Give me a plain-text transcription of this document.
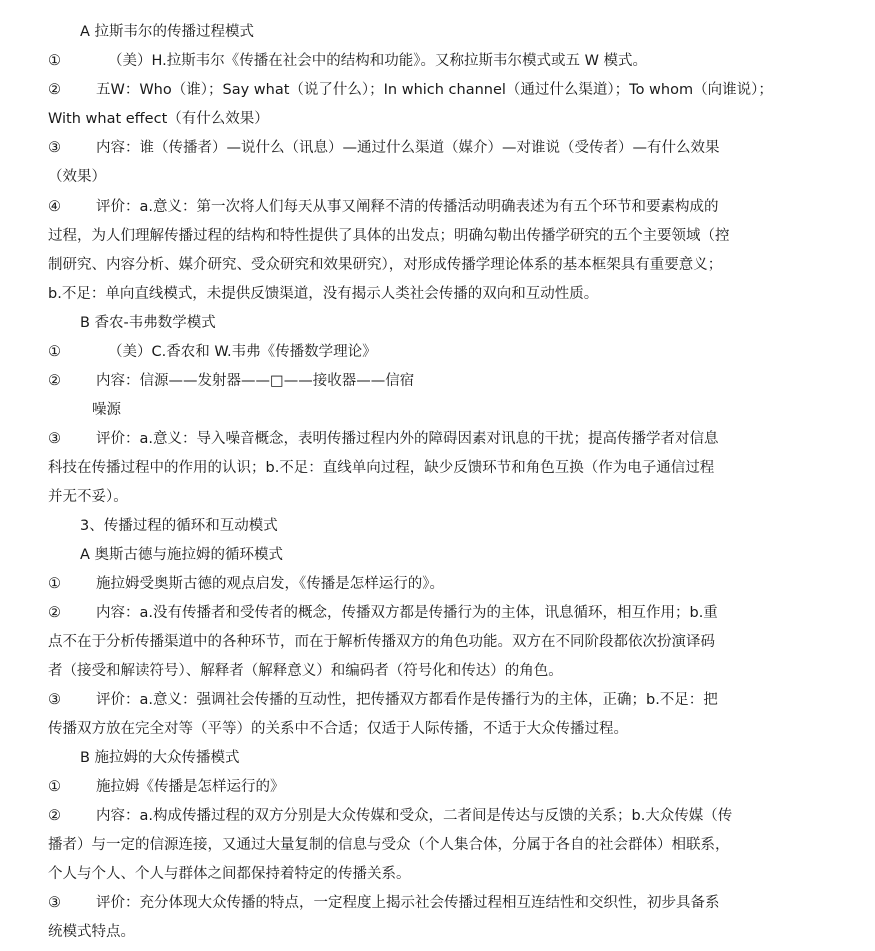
A 拉斯韦尔的传播过程模式
①	（美）H.拉斯韦尔《传播在社会中的结构和功能》。又称拉斯韦尔模式或五 W 模式。
② 五W：Who（谁）；Say what（说了什么）；In which channel（通过什么渠道）；To whom（向谁说）；
With what effect（有什么效果）
③ 内容：谁（传播者）—说什么（讯息）—通过什么渠道（媒介）—对谁说（受传者）—有什么效果
（效果）
④ 评价：a.意义：第一次将人们每天从事又阐释不清的传播活动明确表述为有五个环节和要素构成的
过程，为人们理解传播过程的结构和特性提供了具体的出发点；明确勾勒出传播学研究的五个主要领域（控
制研究、内容分析、媒介研究、受众研究和效果研究），对形成传播学理论体系的基本框架具有重要意义；
b.不足：单向直线模式，未提供反馈渠道，没有揭示人类社会传播的双向和互动性质。
B 香农-韦弗数学模式
①	（美）C.香农和 W.韦弗《传播数学理论》
② 内容：信源——发射器——□——接收器——信宿
噪源
③ 评价：a.意义：导入噪音概念，表明传播过程内外的障碍因素对讯息的干扰；提高传播学者对信息
科技在传播过程中的作用的认识；b.不足：直线单向过程，缺少反馈环节和角色互换（作为电子通信过程
并无不妥）。
3、传播过程的循环和互动模式
A 奥斯古德与施拉姆的循环模式
① 施拉姆受奥斯古德的观点启发，《传播是怎样运行的》。
② 内容：a.没有传播者和受传者的概念，传播双方都是传播行为的主体，讯息循环，相互作用；b.重
点不在于分析传播渠道中的各种环节，而在于解析传播双方的角色功能。双方在不同阶段都依次扮演译码
者（接受和解读符号）、解释者（解释意义）和编码者（符号化和传达）的角色。
③ 评价：a.意义：强调社会传播的互动性，把传播双方都看作是传播行为的主体，正确；b.不足：把
传播双方放在完全对等（平等）的关系中不合适；仅适于人际传播，不适于大众传播过程。
B 施拉姆的大众传播模式
① 施拉姆《传播是怎样运行的》
② 内容：a.构成传播过程的双方分别是大众传媒和受众，二者间是传达与反馈的关系；b.大众传媒（传
播者）与一定的信源连接，又通过大量复制的信息与受众（个人集合体，分属于各自的社会群体）相联系，
个人与个人、个人与群体之间都保持着特定的传播关系。
③ 评价：充分体现大众传播的特点，一定程度上揭示社会传播过程相互连结性和交织性，初步具备系
统模式特点。
